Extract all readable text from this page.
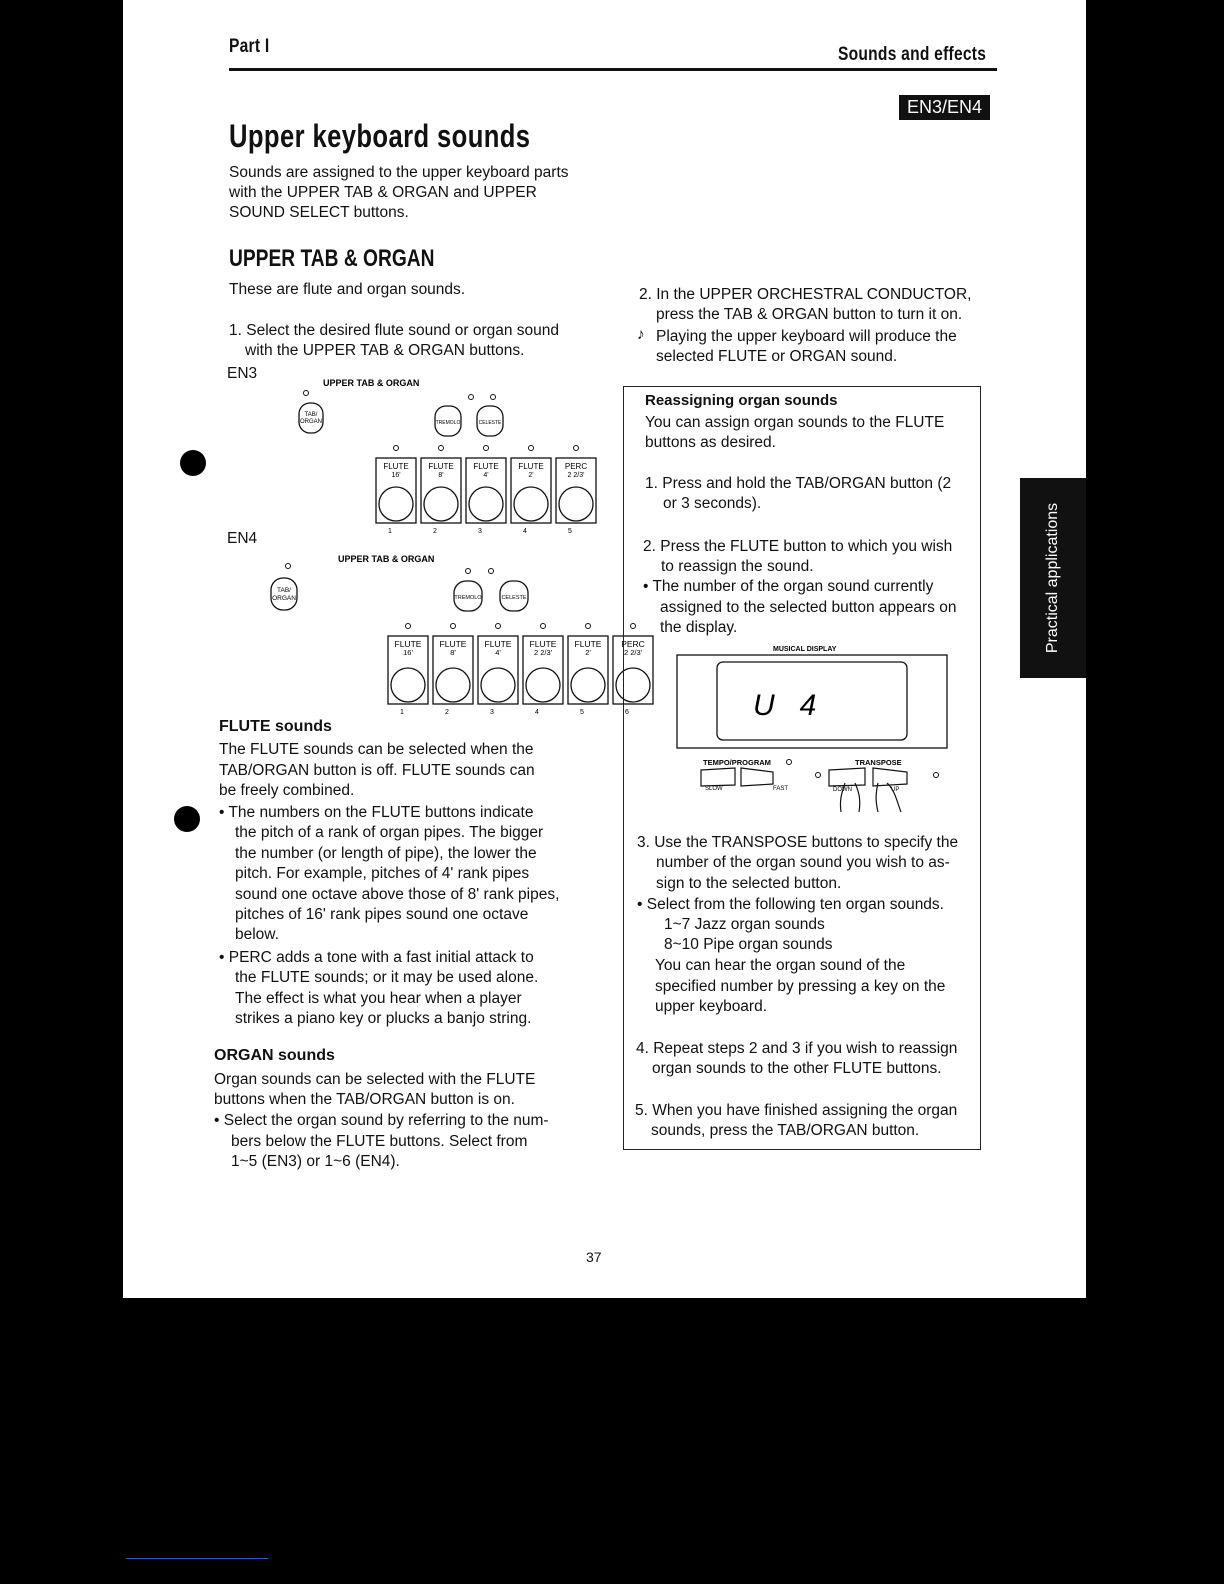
Part I	Sounds and effects
EN3/EN4
Practical applications
Upper keyboard sounds
Sounds are assigned to the upper keyboard parts
with the UPPER TAB & ORGAN and UPPER
SOUND SELECT buttons.
UPPER TAB & ORGAN
These are flute and organ sounds.
1. Select the desired flute sound or organ sound
with the UPPER TAB & ORGAN buttons.
EN3
UPPER TAB & ORGAN
TAB/
ORGAN	TREMOLO	CELESTE
FLUTE
16'
1
FLUTE
8'
2
FLUTE
4'
3
FLUTE
2'
4
PERC
2 2/3'
5
EN4
UPPER TAB & ORGAN
TAB/
ORGAN	TREMOLO	CELESTE
FLUTE
16'
1
FLUTE
8'
2
FLUTE
4'
3
FLUTE
2 2/3'
4
FLUTE
2'
5
PERC
2 2/3'
6
FLUTE sounds
The FLUTE sounds can be selected when the
TAB/ORGAN button is off. FLUTE sounds can
be freely combined.
• The numbers on the FLUTE buttons indicate
the pitch of a rank of organ pipes. The bigger
the number (or length of pipe), the lower the
pitch. For example, pitches of 4' rank pipes
sound one octave above those of 8' rank pipes,
pitches of 16' rank pipes sound one octave
below.
• PERC adds a tone with a fast initial attack to
the FLUTE sounds; or it may be used alone.
The effect is what you hear when a player
strikes a piano key or plucks a banjo string.
ORGAN sounds
Organ sounds can be selected with the FLUTE
buttons when the TAB/ORGAN button is on.
• Select the organ sound by referring to the num-
bers below the FLUTE buttons. Select from
1~5 (EN3) or 1~6 (EN4).
2. In the UPPER ORCHESTRAL CONDUCTOR,
press the TAB & ORGAN button to turn it on.
♪ Playing the upper keyboard will produce the
selected FLUTE or ORGAN sound.
Reassigning organ sounds
You can assign organ sounds to the FLUTE
buttons as desired.
1. Press and hold the TAB/ORGAN button (2
or 3 seconds).
2. Press the FLUTE button to which you wish
to reassign the sound.
• The number of the organ sound currently
assigned to the selected button appears on
the display.
MUSICAL DISPLAY
U   4
TEMPO/PROGRAM
SLOW	FAST
TRANSPOSE
DOWN	UP
3. Use the TRANSPOSE buttons to specify the
number of the organ sound you wish to as-
sign to the selected button.
• Select from the following ten organ sounds.
1~7 Jazz organ sounds
8~10 Pipe organ sounds
You can hear the organ sound of the
specified number by pressing a key on the
upper keyboard.
4. Repeat steps 2 and 3 if you wish to reassign
organ sounds to the other FLUTE buttons.
5. When you have finished assigning the organ
sounds, press the TAB/ORGAN button.
37
